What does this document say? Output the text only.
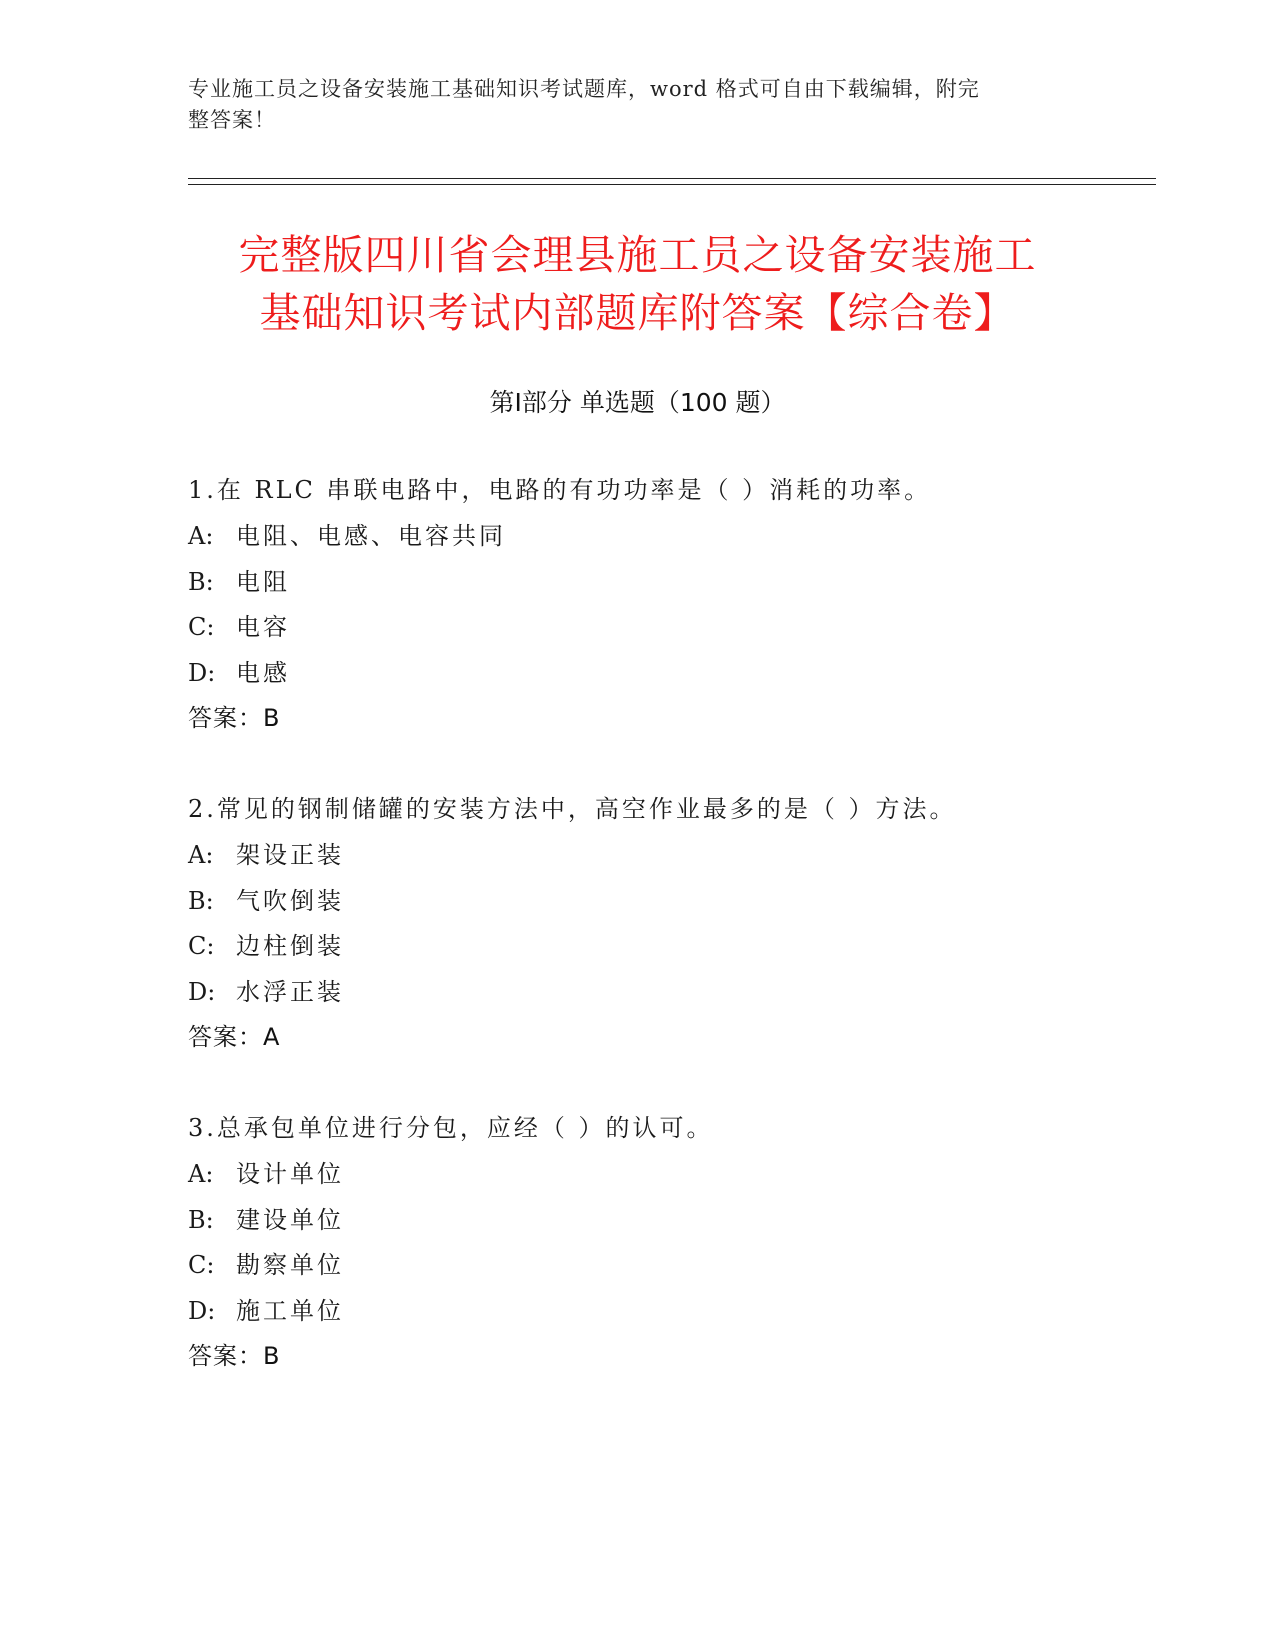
专业施工员之设备安装施工基础知识考试题库，word 格式可自由下载编辑，附完
整答案！
完整版四川省会理县施工员之设备安装施工
基础知识考试内部题库附答案【综合卷】
第Ⅰ部分 单选题（100 题）
1.在 RLC 串联电路中，电路的有功功率是（ ）消耗的功率。
A: 电阻、电感、电容共同
B: 电阻
C: 电容
D: 电感
答案：B
2.常见的钢制储罐的安装方法中，高空作业最多的是（ ）方法。
A: 架设正装
B: 气吹倒装
C: 边柱倒装
D: 水浮正装
答案：A
3.总承包单位进行分包，应经（ ）的认可。
A: 设计单位
B: 建设单位
C: 勘察单位
D: 施工单位
答案：B
